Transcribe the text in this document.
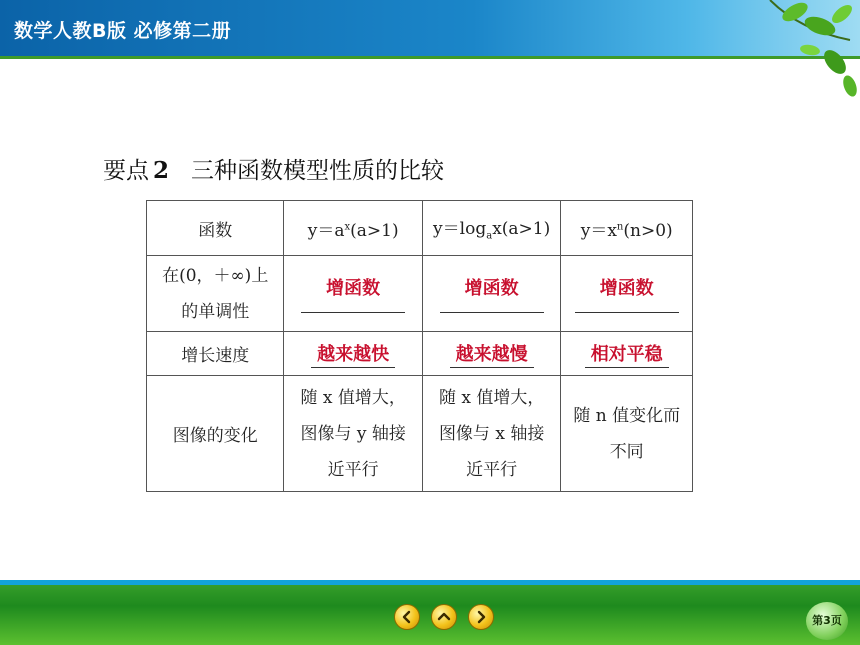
数学人教B版 必修第二册
要点 2 三种函数模型性质的比较
函数	$y=a^x(a>1)$	$y=\log_ax(a>1)$	$y=x^n(n>0)$

在(0，＋∞)上
的单调性	增函数	增函数	增函数

增长速度	越来越快	越来越慢	相对平稳
图像的变化	随 x 值增大，
图像与 y 轴接
近平行	随 x 值增大，
图像与 x 轴接
近平行	随 n 值变化而
不同
第3页
